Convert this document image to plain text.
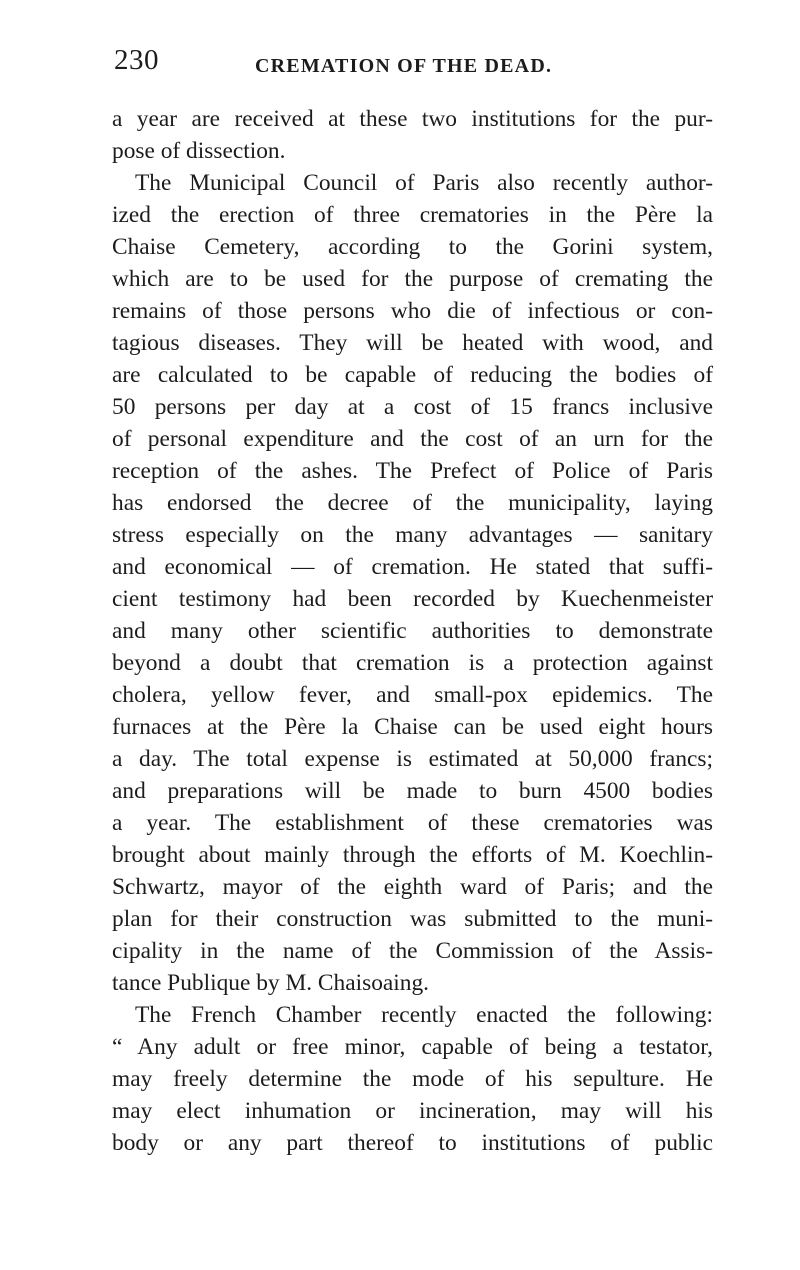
230	CREMATION OF THE DEAD.
a year are received at these two institutions for the pur-
pose of dissection.
The Municipal Council of Paris also recently author-
ized the erection of three crematories in the Père la
Chaise Cemetery, according to the Gorini system,
which are to be used for the purpose of cremating the
remains of those persons who die of infectious or con-
tagious diseases. They will be heated with wood, and
are calculated to be capable of reducing the bodies of
50 persons per day at a cost of 15 francs inclusive
of personal expenditure and the cost of an urn for the
reception of the ashes. The Prefect of Police of Paris
has endorsed the decree of the municipality, laying
stress especially on the many advantages — sanitary
and economical — of cremation. He stated that suffi-
cient testimony had been recorded by Kuechenmeister
and many other scientific authorities to demonstrate
beyond a doubt that cremation is a protection against
cholera, yellow fever, and small-pox epidemics. The
furnaces at the Père la Chaise can be used eight hours
a day. The total expense is estimated at 50,000 francs;
and preparations will be made to burn 4500 bodies
a year. The establishment of these crematories was
brought about mainly through the efforts of M. Koechlin-
Schwartz, mayor of the eighth ward of Paris; and the
plan for their construction was submitted to the muni-
cipality in the name of the Commission of the Assis-
tance Publique by M. Chaisoaing.
The French Chamber recently enacted the following:
“ Any adult or free minor, capable of being a testator,
may freely determine the mode of his sepulture. He
may elect inhumation or incineration, may will his
body or any part thereof to institutions of public
